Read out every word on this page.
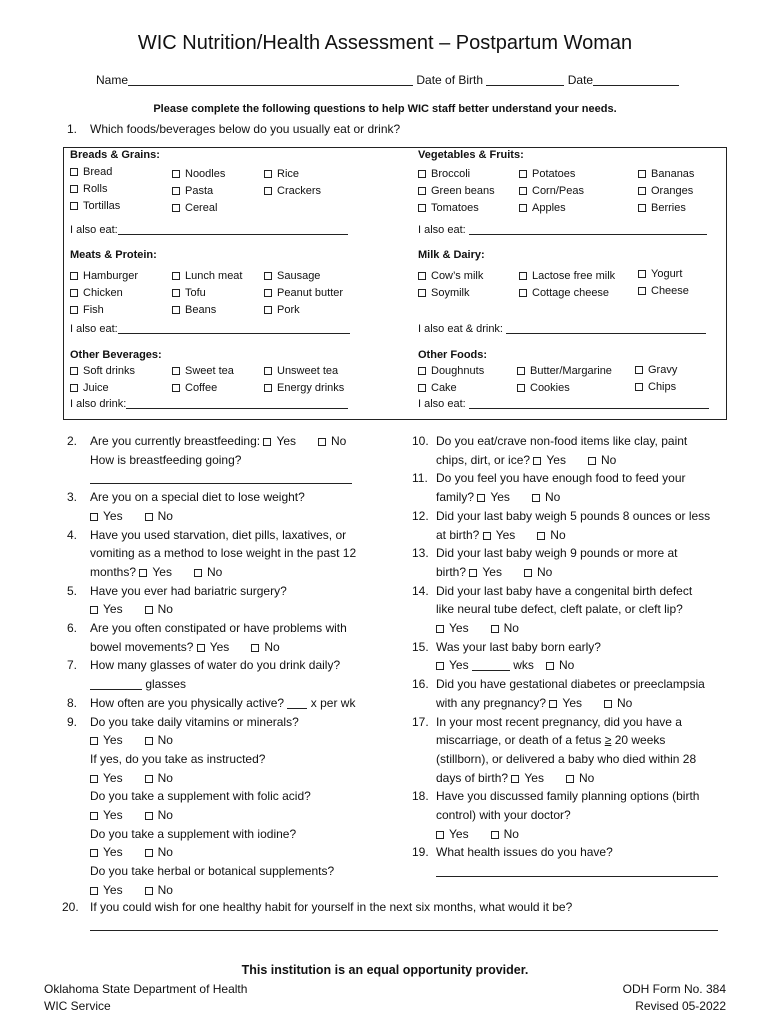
WIC Nutrition/Health Assessment – Postpartum Woman
Name	Date of Birth	Date
Please complete the following questions to help WIC staff better understand your needs.
1. Which foods/beverages below do you usually eat or drink?
Breads & Grains:
Bread
Rolls
Tortillas
Noodles
Pasta
Cereal
Rice
Crackers
I also eat:
Vegetables & Fruits:
Broccoli
Green beans
Tomatoes
Potatoes
Corn/Peas
Apples
Bananas
Oranges
Berries
I also eat:
Meats & Protein:
Hamburger
Chicken
Fish
Lunch meat
Tofu
Beans
Sausage
Peanut butter
Pork
I also eat:
Milk & Dairy:
Cow’s milk
Soymilk
Lactose free milk
Cottage cheese
Yogurt
Cheese
I also eat & drink:
Other Beverages:
Soft drinks
Juice
Sweet tea
Coffee
Unsweet tea
Energy drinks
I also drink:
Other Foods:
Doughnuts
Cake
Butter/Margarine
Cookies
Gravy
Chips
I also eat:
2. Are you currently breastfeeding: Yes	No
How is breastfeeding going?
3. Are you on a special diet to lose weight?
Yes	No
4. Have you used starvation, diet pills, laxatives, or
vomiting as a method to lose weight in the past 12
months? Yes	No
5. Have you ever had bariatric surgery?
Yes	No
6. Are you often constipated or have problems with
bowel movements? Yes	No
7. How many glasses of water do you drink daily?
glasses
8. How often are you physically active? x per wk
9. Do you take daily vitamins or minerals?
Yes	No
If yes, do you take as instructed?
Yes	No
Do you take a supplement with folic acid?
Yes	No
Do you take a supplement with iodine?
Yes	No
Do you take herbal or botanical supplements?
Yes	No
10. Do you eat/crave non-food items like clay, paint
chips, dirt, or ice? Yes	No
11. Do you feel you have enough food to feed your
family? Yes	No
12. Did your last baby weigh 5 pounds 8 ounces or less
at birth? Yes	No
13. Did your last baby weigh 9 pounds or more at
birth? Yes	No
14. Did your last baby have a congenital birth defect
like neural tube defect, cleft palate, or cleft lip?
Yes	No
15. Was your last baby born early?
Yes	wks No
16. Did you have gestational diabetes or preeclampsia
with any pregnancy? Yes	No
17. In your most recent pregnancy, did you have a
miscarriage, or death of a fetus ≥ 20 weeks
(stillborn), or delivered a baby who died within 28
days of birth? Yes	No
18. Have you discussed family planning options (birth
control) with your doctor?
Yes	No
19. What health issues do you have?
20. If you could wish for one healthy habit for yourself in the next six months, what would it be?
This institution is an equal opportunity provider.
Oklahoma State Department of Health
WIC Service
ODH Form No. 384
Revised 05-2022
